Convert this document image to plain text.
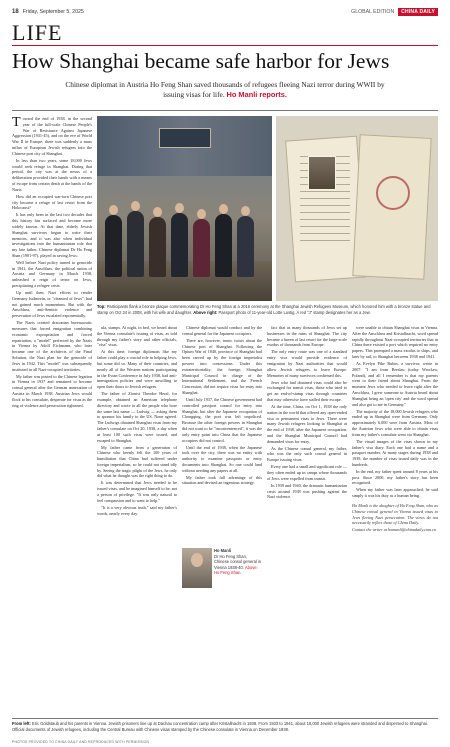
18 Friday, September 5, 2025	GLOBAL EDITION	CHINA DAILY
LIFE
How Shanghai became safe harbor for Jews
Chinese diplomat in Austria Ho Feng Shan saved thousands of refugees fleeing Nazi terror during WWII by issuing visas for life. Ho Manli reports.

Toward the end of 1938, in the second year of the full-scale Chinese People's War of Resistance Against Japanese Aggression (1931-45), and on the eve of World War II in Europe, there was suddenly a mass influx of European Jewish refugees into the Chinese port city of Shanghai.

In less than two years, some 18,000 Jews would seek refuge in Shanghai. During that period, the city was at the nexus of a deliberation provided their hands with a means of escape from certain death at the hands of the Nazis.

How did an occupied war-torn Chinese port city become a refuge of last resort from the Holocaust?

It has only been in the last two decades that this history has surfaced and become more widely known. At that time, elderly Jewish Shanghai survivors began to write their memoirs, and it was also when individual investigations into the humanitarian role that my late father, Chinese diplomat Dr Ho Feng Shan (1901-97), played in saving Jews.

Well before Nazi policy turned to genocide in 1941, the Anschluss, the political union of Austria and Germany in March 1938, unleashed a reign of terror on Jews, precipitating a refugee crisis.

Up until then, Nazi efforts to render Germany Judenrein, or "cleansed of Jews", had not gained much momentum. But with the Anschluss, anti-Semitic violence and persecution of Jews escalated exponentially.

The Nazis created draconian bureaucratic measures that forced emigration combining economic expropriation and forced repatriation, a "model" perfected by the Nazis in Vienna by Adolf Eichmann, who later became one of the architects of the Final Solution, the Nazi plan for the genocide of Jews in 1942. This "model" was subsequently instituted in all Nazi-occupied territories.

My father was posted to the Chinese legation in Vienna in 1937 and remained to become consul general after the German annexation of Austria in March 1938. Austrian Jews would flock to his consulate, desperate for visas as the ring of violence and persecution tightened.

Top: Participants flank a bronze plaque commemorating Dr Ho Feng Shan at a 2016 ceremony at the Shanghai Jewish Refugees Museum, which honored him with a bronze statue and stamp on Oct 24 in 2008, with his wife and daughter. Above right: Passport photo of 11-year-old Lotte Lustig. A red "J" stamp designates her as a Jew.

ula, stamps. At night, in bed, we heard about the Vienna consulate's issuing of visas, as told through my father's story and other officials, "visa" visas.

At this time, foreign diplomats like my father could play a crucial role in helping Jews, but some did so. Many of their countries, and nearly all of the Western nations participating in the Evian Conference in July 1938, had anti-immigration policies and were unwilling to open their doors to Jewish refugees.

The father of Zionist Theodor Herzl, for example, obtained an American telephone directory and wrote to all the people who bore the same last name — Ludwig — asking them to sponsor his family to the US. None agreed. The Ludwigs obtained Shanghai visas from my father's consulate on Oct 20, 1938, a day when at least 100 such visas were issued, and escaped to Shanghai.

My father came from a generation of Chinese who keenly felt the 100 years of humiliation that China had suffered under foreign imperialism, so he could not stand idly by. Seeing the tragic plight of the Jews, he only did what he thought was the right thing to do.

It was determined that Jews needed to be issued visas, and he imagined himself to be, not a person of privilege. "It was only natural to feel compassion and to want to help."

"It is a very obvious truth," said my father's words, nearly every day.

Chinese diplomat would conduct and by the consul general for the Japanese occupiers.

There are, however, ironic twists about the Chinese port of Shanghai. Following the Opium War of 1840, province of Shanghai had been carved up by the foreign imperialist powers into concessions. Under this extraterritoriality, the foreign Shanghai Municipal Council in charge of the International Settlement, and the French Concession, did not require visas for entry into Shanghai.

Until July 1937, the Chinese government had controlled passport control for entry into Shanghai, but after the Japanese occupation of Chongqing, the port was left unpoliced. Because the other foreign powers in Shanghai did not want to be "inconvenienced", it was the only entry point into China that the Japanese occupiers did not control.

Until the end of 1938, when the Japanese took over the city, there was no entity with authority to examine passports or entry documents into Shanghai. So one could land without needing any papers at all.

My father took full advantage of this situation and devised an ingenious strategy.

Ho Manli
Dr Ho Feng Shan, Chinese consul general in Vienna 1938-40. Above: Ho Feng Shan.

fact that as many thousands of Jews set up businesses in the ruins of Shanghai. The city became a haven of last resort for the large-scale exodus of thousands from Europe.

The only entry route was one of a standard entry visa would provide evidence of emigration by Nazi authorities that would allow Jewish refugees to leave Europe. Memories of many survivors confirmed this.

Jews who had obtained visas could also be exchanged for transit visas, those who tried to get an end-of-stamp visas through countries that may otherwise have stalled their escape.

At the time, China, on Oct 1, 1938 the only nation in the world that offered any open-ended visa or permanent visas to Jews. There were many Jewish refugees looking to Shanghai at the end of 1938, after the Japanese occupation, and the Shanghai Municipal Council had demanded visas for entry.

As the Chinese consul general, my father, who was the only such consul general in Europe issuing visas.

Every one had a small and significant role — they often ended up in camps where thousands of Jews were expelled from transit.

In 1939 and 1940, the dramatic humanitarian crisis around 1938 was pushing against the Nazi violence.

were unable to obtain Shanghai visas in Vienna. After the Anschluss and Kristallnacht, word spread rapidly throughout Nazi-occupied territories that in China there existed a port which required no entry papers. This prompted a mass exodus to ships, and later by rail, to Shanghai between 1938 and 1941.

As Evelyn Pike Rubin, a survivor, wrote in 2007: "I am from Breslau (today Wroclaw, Poland), and all I remember is that my parents went to their friend about Shanghai. From the moment Jews who needed to leave right after the Anschluss, I grew someone to Austria heard about Shanghai being an 'open city' and the word spread and also got to me in Germany."

The majority of the 18,000 Jewish refugees who ended up in Shanghai were from Germany. Only approximately 6,000 were from Austria. Most of the Austrian Jews who were able to obtain visas from my father's consulate went via Shanghai.

The visual images of the visas shown in my father's visa diary. Each one had a name and a passport number. At many stages during 1938 and 1939, the number of visas issued daily was in the hundreds.

In the end, my father spent around 8 years at his post. Since 2000, my father's story has been recognised.

When my father was later approached, he said simply it was his duty as a human being.

Ho Manli is the daughter of Ho Feng Shan, who as Chinese consul general in Vienna issued visas to Jews fleeing Nazi persecution. The views do not necessarily reflect those of China Daily.

Contact the writer at homanli@chinadaily.com.cn

From left: Eric Goldstaub and his parents in Vienna. Jewish prisoners line up at Dachau concentration camp after Kristallnacht in 1938. From 1933 to 1941, about 18,000 Jewish refugees were stranded and dispersed to Shanghai. Official documents of Jewish refugees, including the Central Bureau with Chinese visas stamped by the Chinese consulate in Vienna on December 1938.
PHOTOS PROVIDED TO CHINA DAILY AND REPRODUCED WITH PERMISSION
